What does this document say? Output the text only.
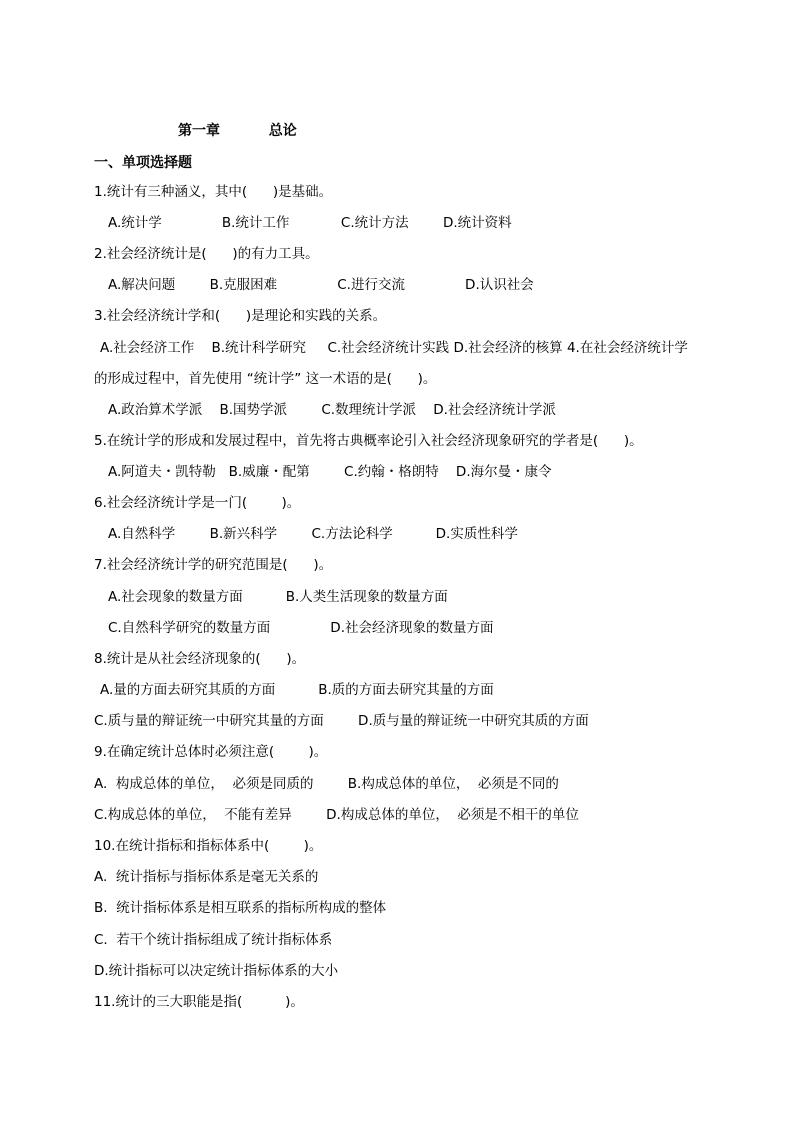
第一章          总论
一、单项选择题
1.统计有三种涵义，其中(      )是基础。
A.统计学              B.统计工作            C.统计方法        D.统计资料
2.社会经济统计是(      )的有力工具。
A.解决问题        B.克服困难              C.进行交流              D.认识社会
3.社会经济统计学和(      )是理论和实践的关系。
A.社会经济工作    B.统计科学研究     C.社会经济统计实践 D.社会经济的核算 4.在社会经济统计学
的形成过程中，首先使用 “统计学” 这一术语的是(      )。
A.政治算术学派    B.国势学派        C.数理统计学派    D.社会经济统计学派
5.在统计学的形成和发展过程中，首先将古典概率论引入社会经济现象研究的学者是(      )。
A.阿道夫・凯特勒   B.威廉・配第        C.约翰・格朗特    D.海尔曼・康令
6.社会经济统计学是一门(        )。
A.自然科学        B.新兴科学        C.方法论科学          D.实质性科学
7.社会经济统计学的研究范围是(      )。
A.社会现象的数量方面          B.人类生活现象的数量方面
C.自然科学研究的数量方面              D.社会经济现象的数量方面
8.统计是从社会经济现象的(      )。
A.量的方面去研究其质的方面          B.质的方面去研究其量的方面
C.质与量的辩证统一中研究其量的方面        D.质与量的辩证统一中研究其质的方面
9.在确定统计总体时必须注意(        )。
A.  构成总体的单位，  必须是同质的        B.构成总体的单位，  必须是不同的
C.构成总体的单位，  不能有差异        D.构成总体的单位，  必须是不相干的单位
10.在统计指标和指标体系中(        )。
A.  统计指标与指标体系是毫无关系的
B.  统计指标体系是相互联系的指标所构成的整体
C.  若干个统计指标组成了统计指标体系
D.统计指标可以决定统计指标体系的大小
11.统计的三大职能是指(          )。
